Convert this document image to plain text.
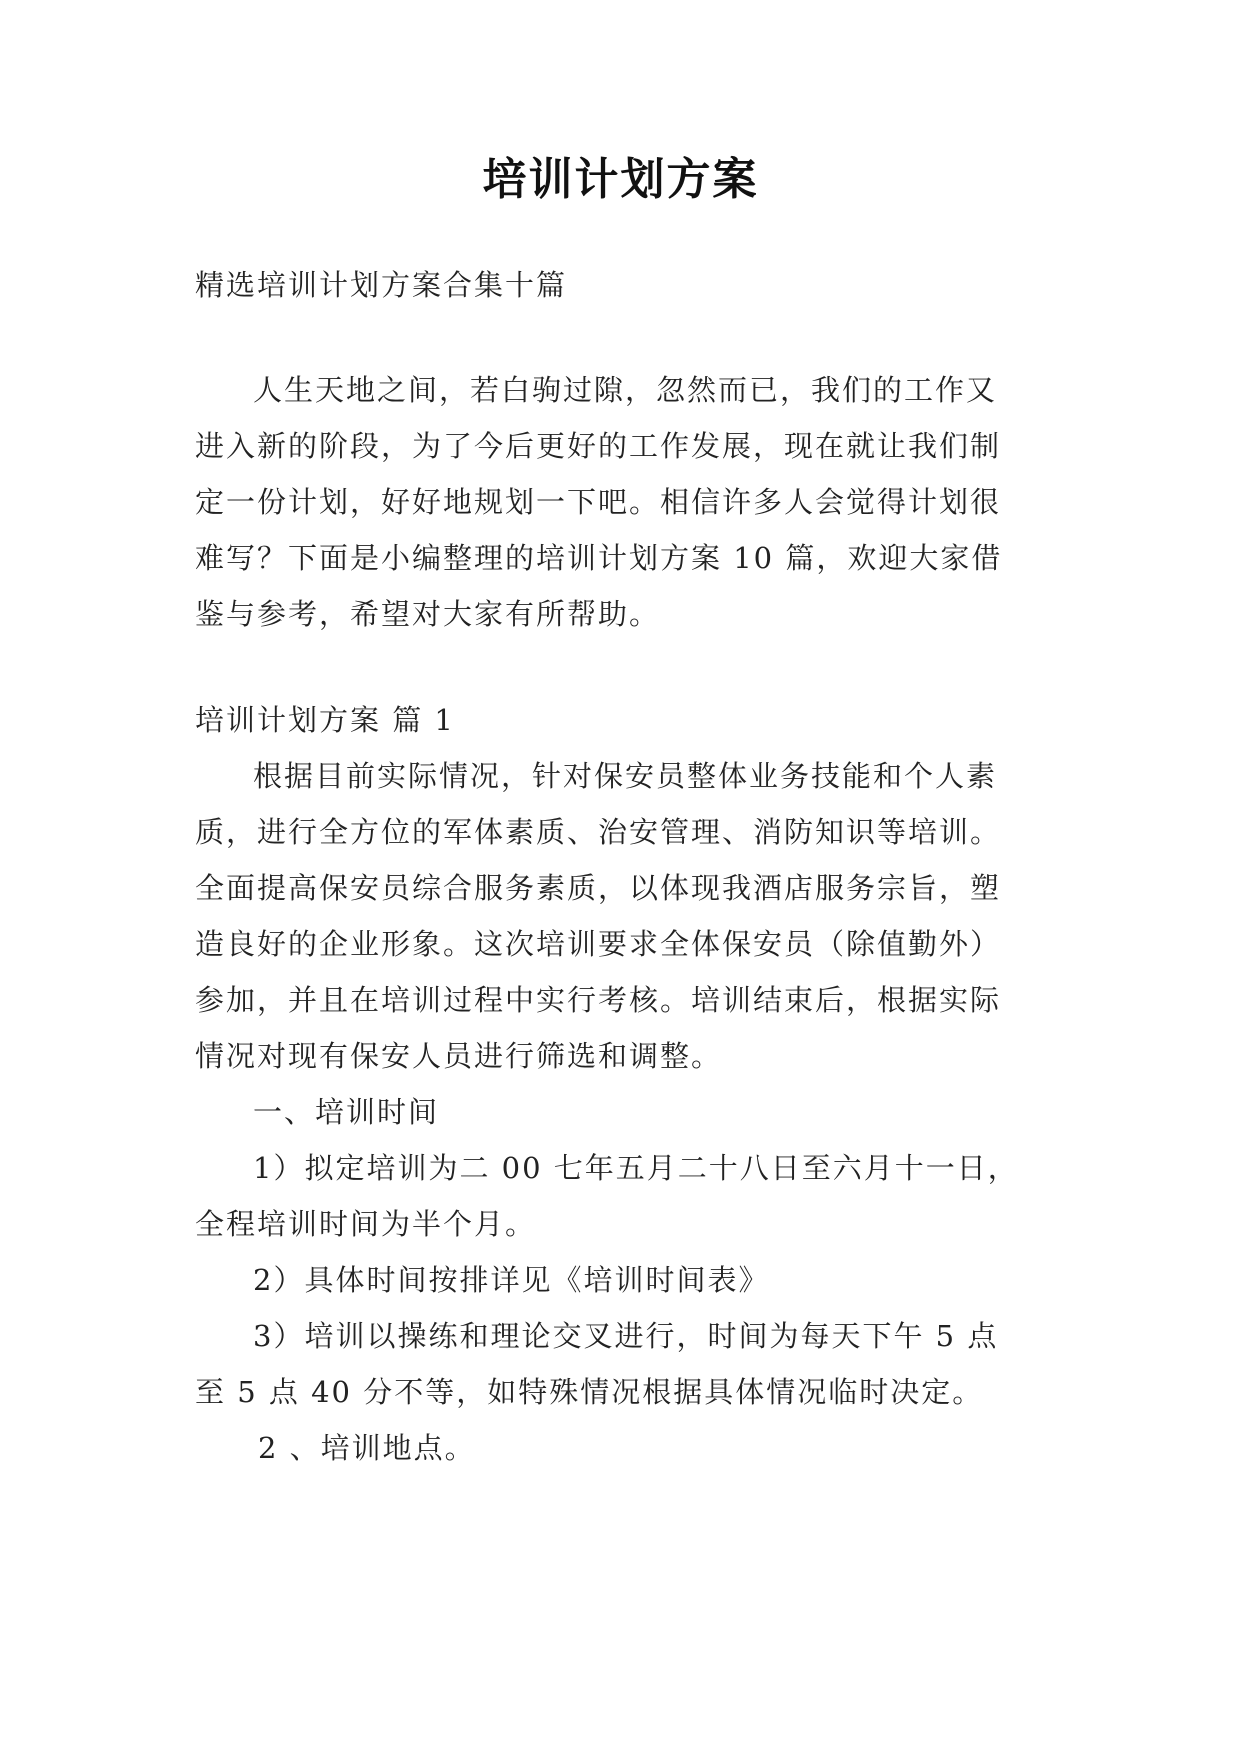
培训计划方案
精选培训计划方案合集十篇
人生天地之间，若白驹过隙，忽然而已，我们的工作又
进入新的阶段，为了今后更好的工作发展，现在就让我们制
定一份计划，好好地规划一下吧。相信许多人会觉得计划很
难写？下面是小编整理的培训计划方案 10 篇，欢迎大家借
鉴与参考，希望对大家有所帮助。
培训计划方案 篇 1
根据目前实际情况，针对保安员整体业务技能和个人素
质，进行全方位的军体素质、治安管理、消防知识等培训。
全面提高保安员综合服务素质，以体现我酒店服务宗旨，塑
造良好的企业形象。这次培训要求全体保安员（除值勤外）
参加，并且在培训过程中实行考核。培训结束后，根据实际
情况对现有保安人员进行筛选和调整。
一、培训时间
1）拟定培训为二 00 七年五月二十八日至六月十一日，
全程培训时间为半个月。
2）具体时间按排详见《培训时间表》
3）培训以操练和理论交叉进行，时间为每天下午 5 点
至 5 点 40 分不等，如特殊情况根据具体情况临时决定。
2 、培训地点。
